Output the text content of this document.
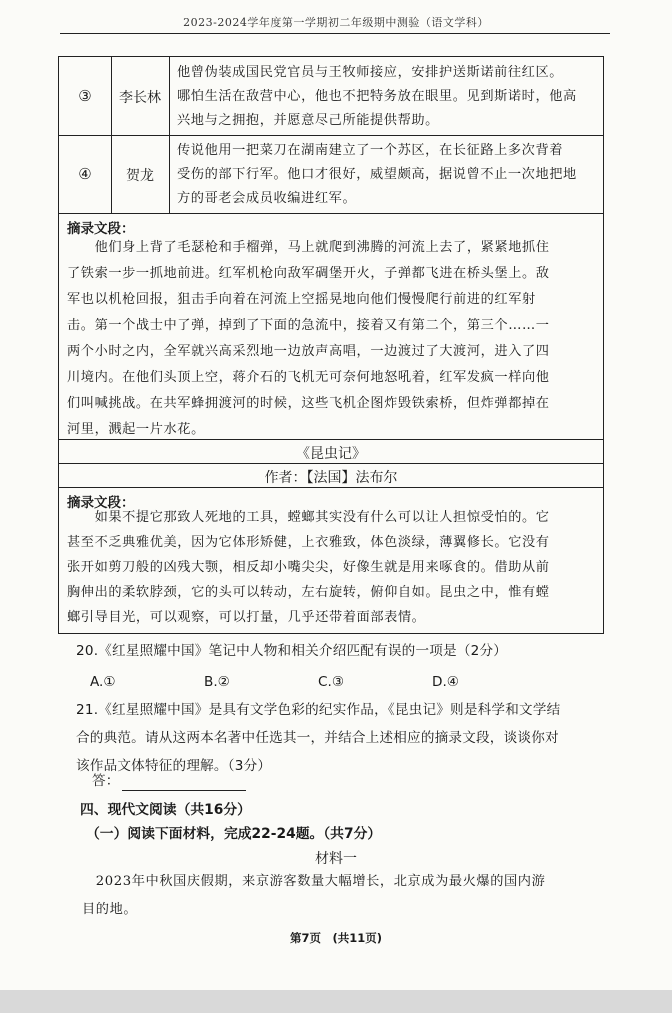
2023-2024学年度第一学期初二年级期中测验（语文学科）
③	李长林
他曾伪装成国民党官员与王牧师接应，安排护送斯诺前往红区。
哪怕生活在敌营中心，他也不把特务放在眼里。见到斯诺时，他高
兴地与之拥抱，并愿意尽己所能提供帮助。
④	贺龙
传说他用一把菜刀在湖南建立了一个苏区，在长征路上多次背着
受伤的部下行军。他口才很好，威望颇高，据说曾不止一次地把地
方的哥老会成员收编进红军。
摘录文段：
　　他们身上背了毛瑟枪和手榴弹，马上就爬到沸腾的河流上去了，紧紧地抓住
了铁索一步一抓地前进。红军机枪向敌军碉堡开火，子弹都飞进在桥头堡上。敌
军也以机枪回报，狙击手向着在河流上空摇晃地向他们慢慢爬行前进的红军射
击。第一个战士中了弹，掉到了下面的急流中，接着又有第二个，第三个……一
两个小时之内，全军就兴高采烈地一边放声高唱，一边渡过了大渡河，进入了四
川境内。在他们头顶上空，蒋介石的飞机无可奈何地怒吼着，红军发疯一样向他
们叫喊挑战。在共军蜂拥渡河的时候，这些飞机企图炸毁铁索桥，但炸弹都掉在
河里，溅起一片水花。
《昆虫记》
作者：【法国】法布尔
摘录文段：
　　如果不提它那致人死地的工具，螳螂其实没有什么可以让人担惊受怕的。它
甚至不乏典雅优美，因为它体形矫健，上衣雅致，体色淡绿，薄翼修长。它没有
张开如剪刀般的凶残大颚，相反却小嘴尖尖，好像生就是用来啄食的。借助从前
胸伸出的柔软脖颈，它的头可以转动，左右旋转，俯仰自如。昆虫之中，惟有螳
螂引导目光，可以观察，可以打量，几乎还带着面部表情。
20.《红星照耀中国》笔记中人物和相关介绍匹配有误的一项是（2分）
A.①	B.②	C.③	D.④
21.《红星照耀中国》是具有文学色彩的纪实作品，《昆虫记》则是科学和文学结
合的典范。请从这两本名著中任选其一，并结合上述相应的摘录文段，谈谈你对
该作品文体特征的理解。（3分）
答：
四、现代文阅读（共16分）
（一）阅读下面材料，完成22-24题。（共7分）
材料一
　2023年中秋国庆假期，来京游客数量大幅增长，北京成为最火爆的国内游
目的地。
第7页　(共11页)
